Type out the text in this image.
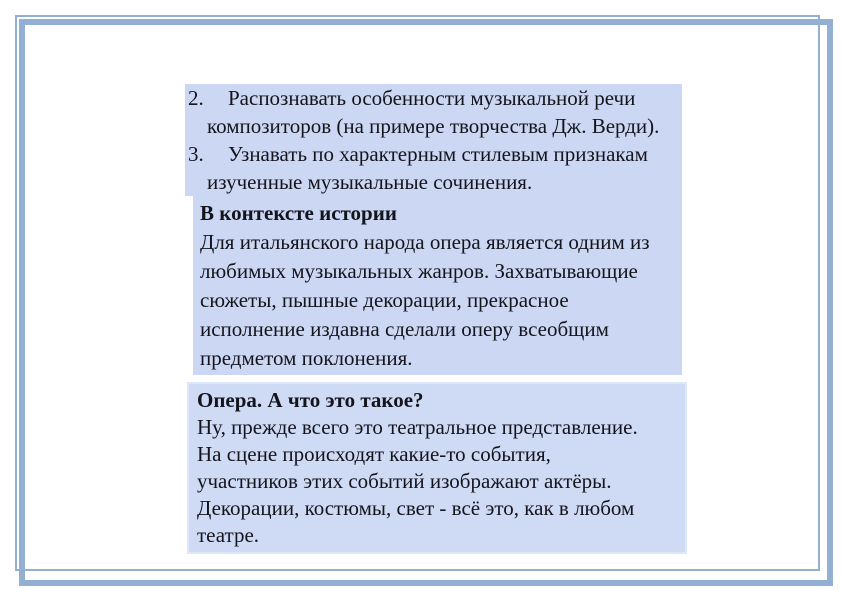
2. Распознавать особенности музыкальной речи
композиторов (на примере творчества Дж. Верди).
3. Узнавать по характерным стилевым признакам
изученные музыкальные сочинения.
В контексте истории
Для итальянского народа опера является одним из
любимых музыкальных жанров. Захватывающие
сюжеты, пышные декорации, прекрасное
исполнение издавна сделали оперу всеобщим
предметом поклонения.
Опера. А что это такое?
Ну, прежде всего это театральное представление.
На сцене происходят какие-то события,
участников этих событий изображают актёры.
Декорации, костюмы, свет - всё это, как в любом
театре.
